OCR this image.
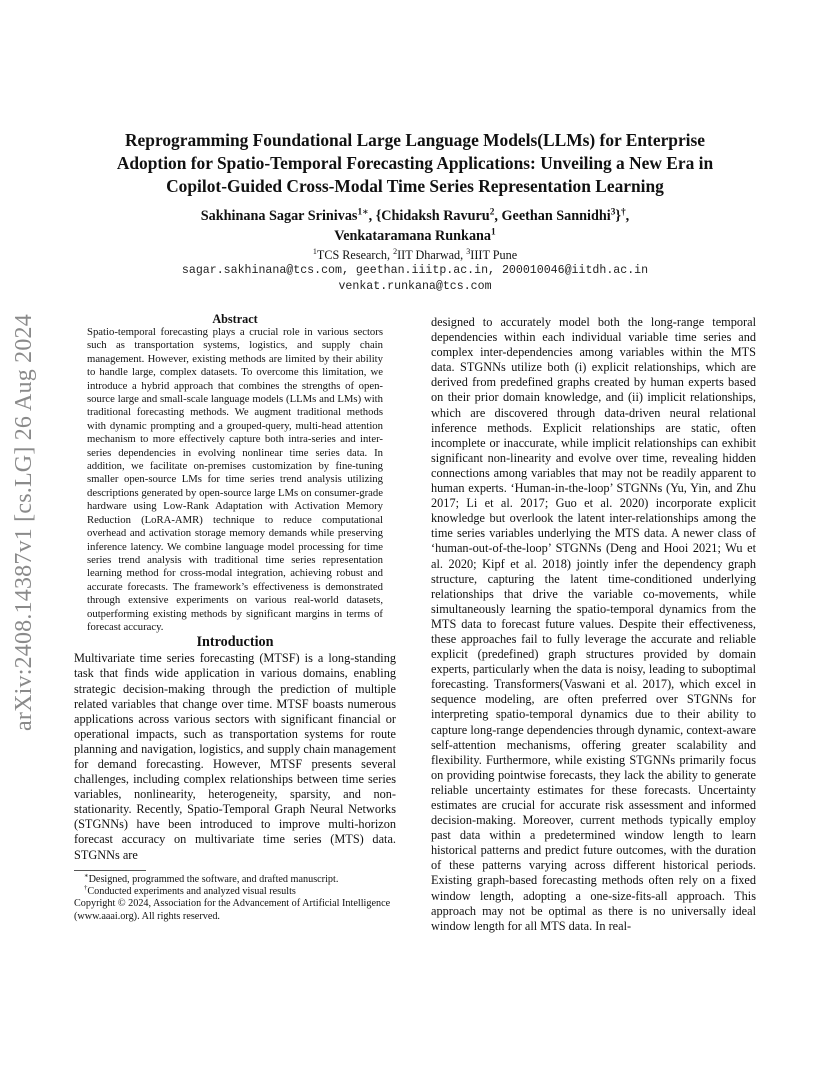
arXiv:2408.14387v1 [cs.LG] 26 Aug 2024
Reprogramming Foundational Large Language Models(LLMs) for Enterprise Adoption for Spatio-Temporal Forecasting Applications: Unveiling a New Era in Copilot-Guided Cross-Modal Time Series Representation Learning
Sakhinana Sagar Srinivas$^{1∗}$, {Chidaksh Ravuru$^2$, Geethan Sannidhi$^3$}†,
Venkataramana Runkana$^1$
$^1$TCS Research, $^2$IIT Dharwad, $^3$IIIT Pune
sagar.sakhinana@tcs.com, geethan.iiitp.ac.in, 200010046@iitdh.ac.in
venkat.runkana@tcs.com
Abstract

Spatio-temporal forecasting plays a crucial role in various sectors such as transportation systems, logistics, and supply chain management. However, existing methods are limited by their ability to handle large, complex datasets. To overcome this limitation, we introduce a hybrid approach that combines the strengths of open-source large and small-scale language models (LLMs and LMs) with traditional forecasting methods. We augment traditional methods with dynamic prompting and a grouped-query, multi-head attention mechanism to more effectively capture both intra-series and inter-series dependencies in evolving nonlinear time series data. In addition, we facilitate on-premises customization by fine-tuning smaller open-source LMs for time series trend analysis utilizing descriptions generated by open-source large LMs on consumer-grade hardware using Low-Rank Adaptation with Activation Memory Reduction (LoRA-AMR) technique to reduce computational overhead and activation storage memory demands while preserving inference latency. We combine language model processing for time series trend analysis with traditional time series representation learning method for cross-modal integration, achieving robust and accurate forecasts. The framework’s effectiveness is demonstrated through extensive experiments on various real-world datasets, outperforming existing methods by significant margins in terms of forecast accuracy.

Introduction

Multivariate time series forecasting (MTSF) is a long-standing task that finds wide application in various domains, enabling strategic decision-making through the prediction of multiple related variables that change over time. MTSF boasts numerous applications across various sectors with significant financial or operational impacts, such as transportation systems for route planning and navigation, logistics, and supply chain management for demand forecasting. However, MTSF presents several challenges, including complex relationships between time series variables, nonlinearity, heterogeneity, sparsity, and non-stationarity. Recently, Spatio-Temporal Graph Neural Networks (STGNNs) have been introduced to improve multi-horizon forecast accuracy on multivariate time series (MTS) data. STGNNs are

∗Designed, programmed the software, and drafted manuscript.
†Conducted experiments and analyzed visual results
Copyright © 2024, Association for the Advancement of Artificial Intelligence (www.aaai.org). All rights reserved.

designed to accurately model both the long-range temporal dependencies within each individual variable time series and complex inter-dependencies among variables within the MTS data. STGNNs utilize both (i) explicit relationships, which are derived from predefined graphs created by human experts based on their prior domain knowledge, and (ii) implicit relationships, which are discovered through data-driven neural relational inference methods. Explicit relationships are static, often incomplete or inaccurate, while implicit relationships can exhibit significant non-linearity and evolve over time, revealing hidden connections among variables that may not be readily apparent to human experts. ‘Human-in-the-loop’ STGNNs (Yu, Yin, and Zhu 2017; Li et al. 2017; Guo et al. 2020) incorporate explicit knowledge but overlook the latent inter-relationships among the time series variables underlying the MTS data. A newer class of ‘human-out-of-the-loop’ STGNNs (Deng and Hooi 2021; Wu et al. 2020; Kipf et al. 2018) jointly infer the dependency graph structure, capturing the latent time-conditioned underlying relationships that drive the variable co-movements, while simultaneously learning the spatio-temporal dynamics from the MTS data to forecast future values. Despite their effectiveness, these approaches fail to fully leverage the accurate and reliable explicit (predefined) graph structures provided by domain experts, particularly when the data is noisy, leading to suboptimal forecasting. Transformers(Vaswani et al. 2017), which excel in sequence modeling, are often preferred over STGNNs for interpreting spatio-temporal dynamics due to their ability to capture long-range dependencies through dynamic, context-aware self-attention mechanisms, offering greater scalability and flexibility. Furthermore, while existing STGNNs primarily focus on providing pointwise forecasts, they lack the ability to generate reliable uncertainty estimates for these forecasts. Uncertainty estimates are crucial for accurate risk assessment and informed decision-making. Moreover, current methods typically employ past data within a predetermined window length to learn historical patterns and predict future outcomes, with the duration of these patterns varying across different historical periods. Existing graph-based forecasting methods often rely on a fixed window length, adopting a one-size-fits-all approach. This approach may not be optimal as there is no universally ideal window length for all MTS data. In real-
